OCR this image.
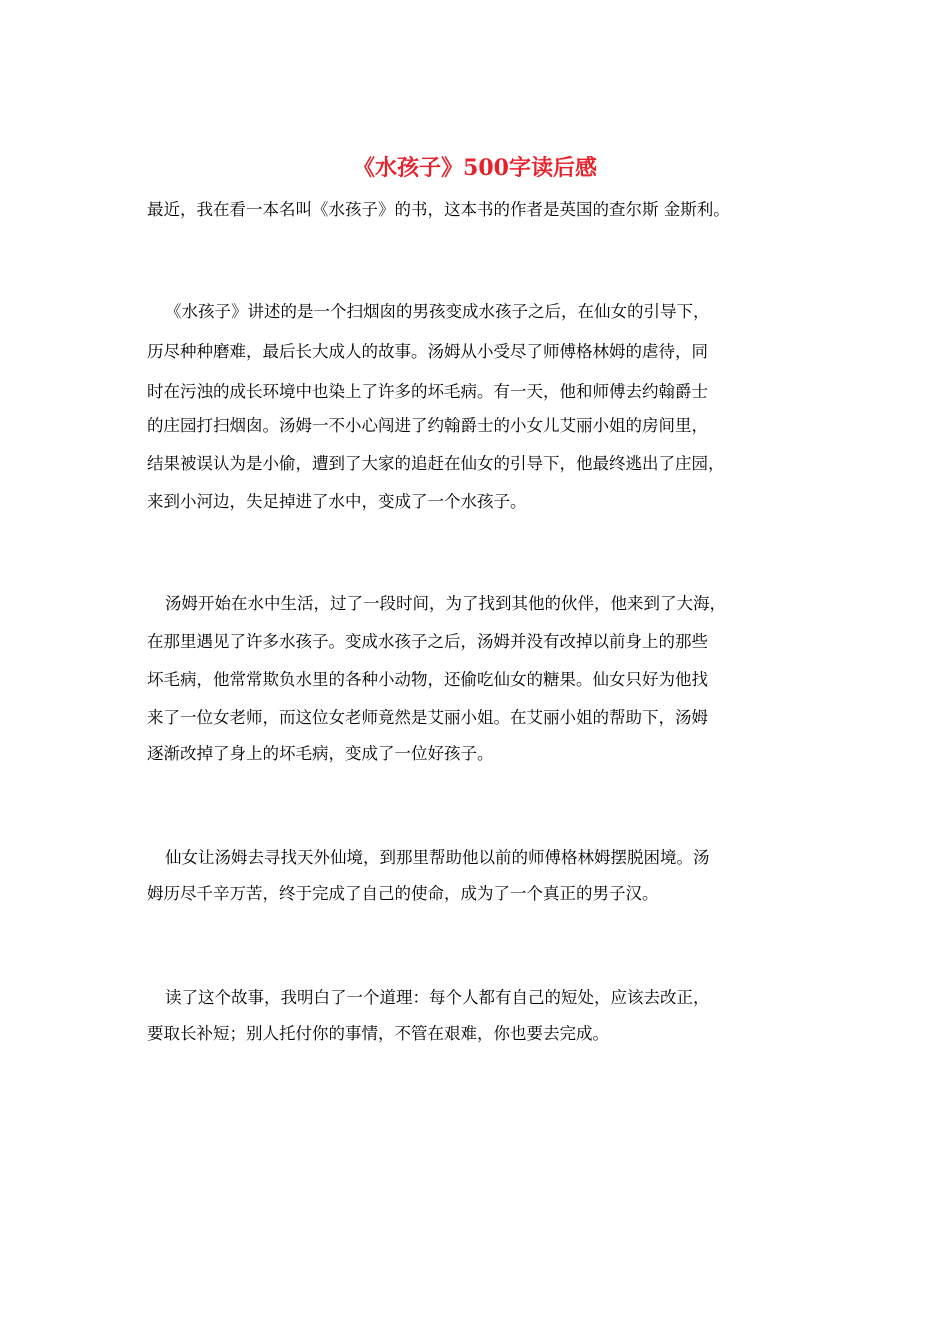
《水孩子》500字读后感

最近，我在看一本名叫《水孩子》的书，这本书的作者是英国的查尔斯 金斯利。

《水孩子》讲述的是一个扫烟囱的男孩变成水孩子之后，在仙女的引导下，

历尽种种磨难，最后长大成人的故事。汤姆从小受尽了师傅格林姆的虐待，同

时在污浊的成长环境中也染上了许多的坏毛病。有一天，他和师傅去约翰爵士

的庄园打扫烟囱。汤姆一不小心闯进了约翰爵士的小女儿艾丽小姐的房间里，

结果被误认为是小偷，遭到了大家的追赶在仙女的引导下，他最终逃出了庄园，

来到小河边，失足掉进了水中，变成了一个水孩子。

汤姆开始在水中生活，过了一段时间，为了找到其他的伙伴，他来到了大海，

在那里遇见了许多水孩子。变成水孩子之后，汤姆并没有改掉以前身上的那些

坏毛病，他常常欺负水里的各种小动物，还偷吃仙女的糖果。仙女只好为他找

来了一位女老师，而这位女老师竟然是艾丽小姐。在艾丽小姐的帮助下，汤姆

逐渐改掉了身上的坏毛病，变成了一位好孩子。

仙女让汤姆去寻找天外仙境，到那里帮助他以前的师傅格林姆摆脱困境。汤

姆历尽千辛万苦，终于完成了自己的使命，成为了一个真正的男子汉。

读了这个故事，我明白了一个道理：每个人都有自己的短处，应该去改正，

要取长补短；别人托付你的事情，不管在艰难，你也要去完成。
